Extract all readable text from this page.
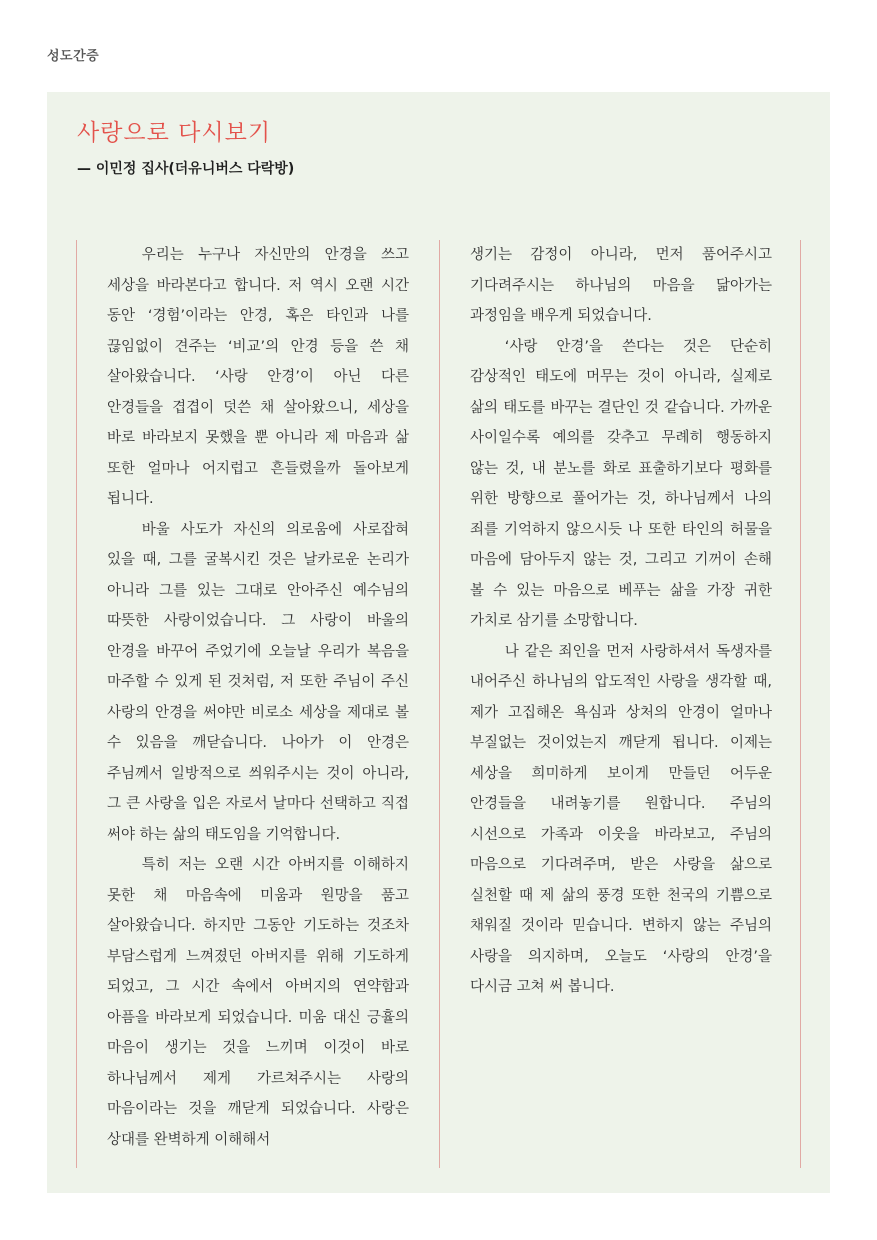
성도간증
사랑으로 다시보기
— 이민정 집사(더유니버스 다락방)

우리는 누구나 자신만의 안경을 쓰고 세상을 바라본다고 합니다. 저 역시 오랜 시간 동안 ‘경험’이라는 안경, 혹은 타인과 나를 끊임없이 견주는 ‘비교’의 안경 등을 쓴 채 살아왔습니다. ‘사랑 안경’이 아닌 다른 안경들을 겹겹이 덧쓴 채 살아왔으니, 세상을 바로 바라보지 못했을 뿐 아니라 제 마음과 삶 또한 얼마나 어지럽고 흔들렸을까 돌아보게 됩니다.

바울 사도가 자신의 의로움에 사로잡혀 있을 때, 그를 굴복시킨 것은 날카로운 논리가 아니라 그를 있는 그대로 안아주신 예수님의 따뜻한 사랑이었습니다. 그 사랑이 바울의 안경을 바꾸어 주었기에 오늘날 우리가 복음을 마주할 수 있게 된 것처럼, 저 또한 주님이 주신 사랑의 안경을 써야만 비로소 세상을 제대로 볼 수 있음을 깨닫습니다. 나아가 이 안경은 주님께서 일방적으로 씌워주시는 것이 아니라, 그 큰 사랑을 입은 자로서 날마다 선택하고 직접 써야 하는 삶의 태도임을 기억합니다.

특히 저는 오랜 시간 아버지를 이해하지 못한 채 마음속에 미움과 원망을 품고 살아왔습니다. 하지만 그동안 기도하는 것조차 부담스럽게 느껴졌던 아버지를 위해 기도하게 되었고, 그 시간 속에서 아버지의 연약함과 아픔을 바라보게 되었습니다. 미움 대신 긍휼의 마음이 생기는 것을 느끼며 이것이 바로 하나님께서 제게 가르쳐주시는 사랑의 마음이라는 것을 깨닫게 되었습니다. 사랑은 상대를 완벽하게 이해해서

생기는 감정이 아니라, 먼저 품어주시고 기다려주시는 하나님의 마음을 닮아가는 과정임을 배우게 되었습니다.

‘사랑 안경’을 쓴다는 것은 단순히 감상적인 태도에 머무는 것이 아니라, 실제로 삶의 태도를 바꾸는 결단인 것 같습니다. 가까운 사이일수록 예의를 갖추고 무례히 행동하지 않는 것, 내 분노를 화로 표출하기보다 평화를 위한 방향으로 풀어가는 것, 하나님께서 나의 죄를 기억하지 않으시듯 나 또한 타인의 허물을 마음에 담아두지 않는 것, 그리고 기꺼이 손해 볼 수 있는 마음으로 베푸는 삶을 가장 귀한 가치로 삼기를 소망합니다.

나 같은 죄인을 먼저 사랑하셔서 독생자를 내어주신 하나님의 압도적인 사랑을 생각할 때, 제가 고집해온 욕심과 상처의 안경이 얼마나 부질없는 것이었는지 깨닫게 됩니다. 이제는 세상을 희미하게 보이게 만들던 어두운 안경들을 내려놓기를 원합니다. 주님의 시선으로 가족과 이웃을 바라보고, 주님의 마음으로 기다려주며, 받은 사랑을 삶으로 실천할 때 제 삶의 풍경 또한 천국의 기쁨으로 채워질 것이라 믿습니다. 변하지 않는 주님의 사랑을 의지하며, 오늘도 ‘사랑의 안경’을 다시금 고쳐 써 봅니다.
